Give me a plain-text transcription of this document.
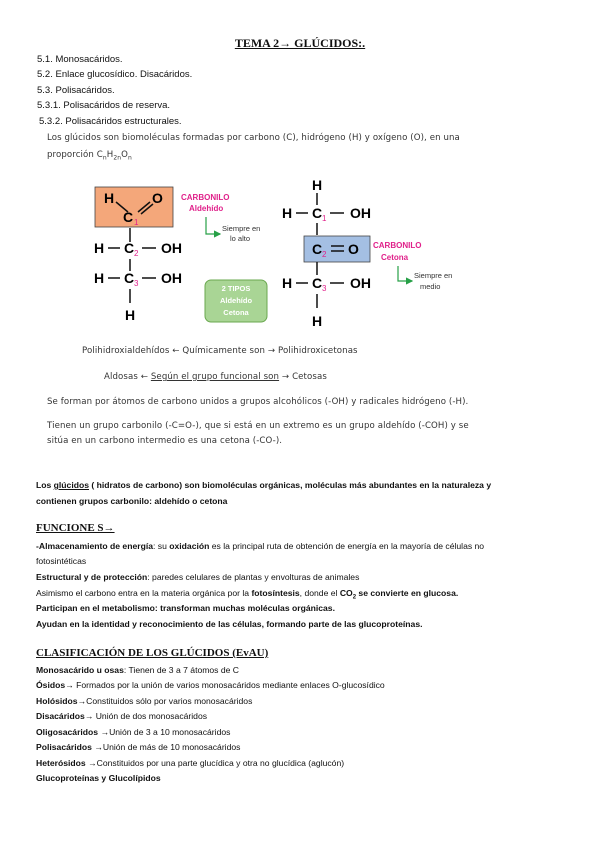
TEMA 2→ GLÚCIDOS:.
5.1. Monosacáridos.
5.2. Enlace glucosídico. Disacáridos.
5.3. Polisacáridos.
5.3.1. Polisacáridos de reserva.
5.3.2. Polisacáridos estructurales.
Los glúcidos son biomoléculas formadas por carbono (C), hidrógeno (H) y oxígeno (O), en una
proporción $C_nH_{2n}O_n$
H
C 1
O
H C 2 OH
H C 3 OH
H
CARBONILO
Aldehído
Siempre en
lo alto
2 TIPOS
Aldehído
Cetona
H
H C 1 OH
C 2 O
H C 3 OH
H
CARBONILO
Cetona
Siempre en
medio
Polihidroxialdehídos ← Químicamente son → Polihidroxicetonas
Aldosas ← Según el grupo funcional son → Cetosas
Se forman por átomos de carbono unidos a grupos alcohólicos (-OH) y radicales hidrógeno (-H).
Tienen un grupo carbonilo (-C=O-), que si está en un extremo es un grupo aldehído (-COH) y se
sitúa en un carbono intermedio es una cetona (-CO-).
Los glúcidos ( hidratos de carbono) son biomoléculas orgánicas, moléculas más abundantes en la naturaleza y
contienen grupos carbonilo: aldehído o cetona
FUNCIONE S→
-Almacenamiento de energía: su oxidación es la principal ruta de obtención de energía en la mayoría de células no
fotosintéticas
Estructural y de protección: paredes celulares de plantas y envolturas de animales
Asimismo el carbono entra en la materia orgánica por la fotosíntesis, donde el $CO_2$ se convierte en glucosa.
Participan en el metabolismo: transforman muchas moléculas orgánicas.
Ayudan en la identidad y reconocimiento de las células, formando parte de las glucoproteínas.
CLASIFICACIÓN DE LOS GLÚCIDOS (EvAU)
Monosacárido u osas: Tienen de 3 a 7 átomos de C
Ósidos→ Formados por la unión de varios monosacáridos mediante enlaces O-glucosídico
Holósidos→Constituidos sólo por varios monosacáridos
Disacáridos→ Unión de dos monosacáridos
Oligosacáridos →Unión de 3 a 10 monosacáridos
Polisacáridos →Unión de más de 10 monosacáridos
Heterósidos →Constituidos por una parte glucídica y otra no glucídica (aglucón)
Glucoproteínas y Glucolípidos
